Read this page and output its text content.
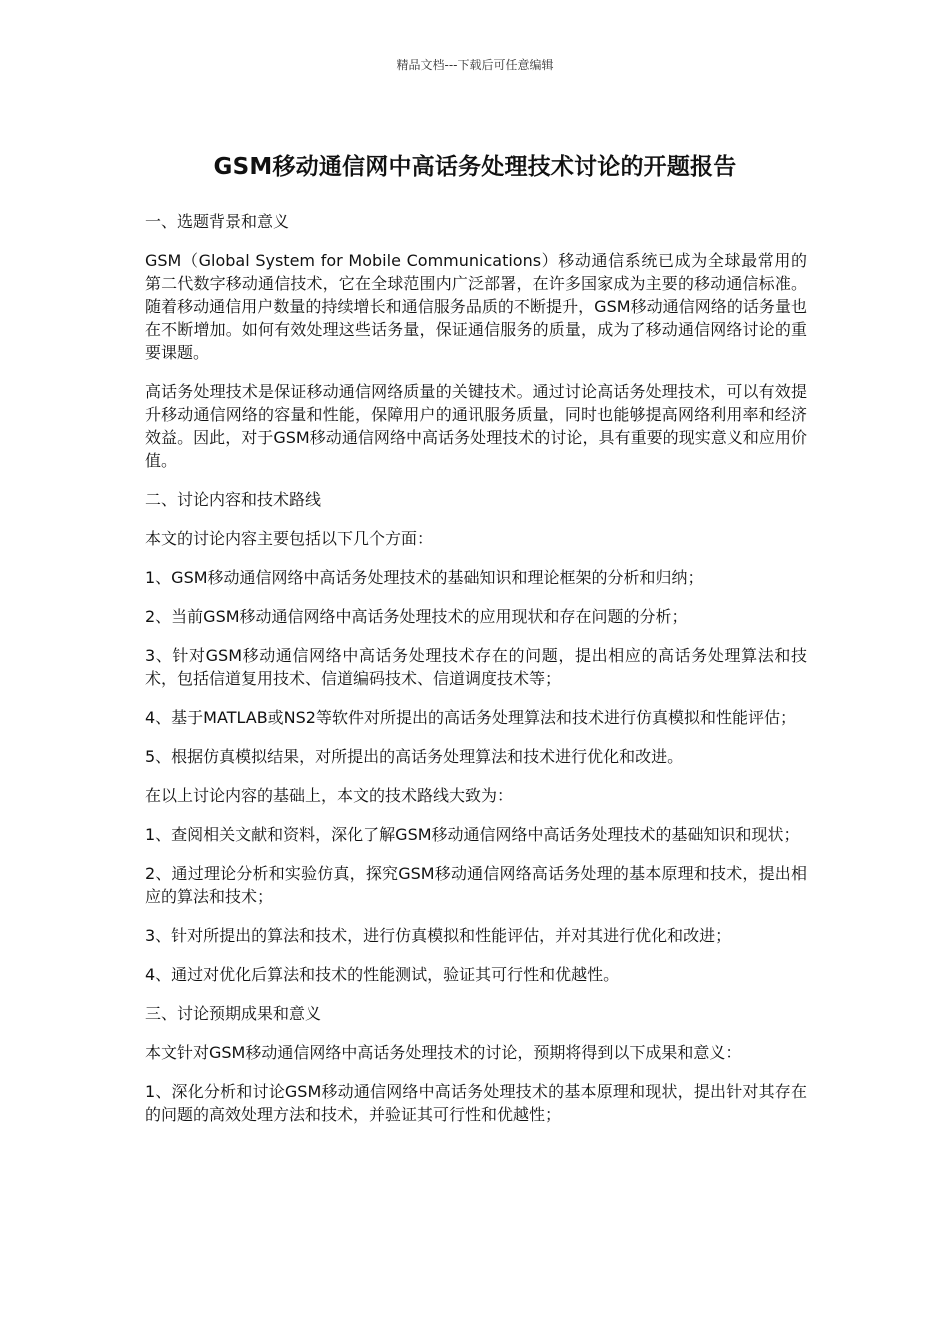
精品文档---下载后可任意编辑
GSM移动通信网中高话务处理技术讨论的开题报告

一、选题背景和意义

GSM（Global System for Mobile Communications）移动通信系统已成为全球最常用的第二代数字移动通信技术，它在全球范围内广泛部署，在许多国家成为主要的移动通信标准。随着移动通信用户数量的持续增长和通信服务品质的不断提升，GSM移动通信网络的话务量也在不断增加。如何有效处理这些话务量，保证通信服务的质量，成为了移动通信网络讨论的重要课题。

高话务处理技术是保证移动通信网络质量的关键技术。通过讨论高话务处理技术，可以有效提升移动通信网络的容量和性能，保障用户的通讯服务质量，同时也能够提高网络利用率和经济效益。因此，对于GSM移动通信网络中高话务处理技术的讨论，具有重要的现实意义和应用价值。

二、讨论内容和技术路线

本文的讨论内容主要包括以下几个方面：

1、GSM移动通信网络中高话务处理技术的基础知识和理论框架的分析和归纳；

2、当前GSM移动通信网络中高话务处理技术的应用现状和存在问题的分析；

3、针对GSM移动通信网络中高话务处理技术存在的问题，提出相应的高话务处理算法和技术，包括信道复用技术、信道编码技术、信道调度技术等；

4、基于MATLAB或NS2等软件对所提出的高话务处理算法和技术进行仿真模拟和性能评估；

5、根据仿真模拟结果，对所提出的高话务处理算法和技术进行优化和改进。

在以上讨论内容的基础上，本文的技术路线大致为：

1、查阅相关文献和资料，深化了解GSM移动通信网络中高话务处理技术的基础知识和现状；

2、通过理论分析和实验仿真，探究GSM移动通信网络高话务处理的基本原理和技术，提出相应的算法和技术；

3、针对所提出的算法和技术，进行仿真模拟和性能评估，并对其进行优化和改进；

4、通过对优化后算法和技术的性能测试，验证其可行性和优越性。

三、讨论预期成果和意义

本文针对GSM移动通信网络中高话务处理技术的讨论，预期将得到以下成果和意义：

1、深化分析和讨论GSM移动通信网络中高话务处理技术的基本原理和现状，提出针对其存在的问题的高效处理方法和技术，并验证其可行性和优越性；
